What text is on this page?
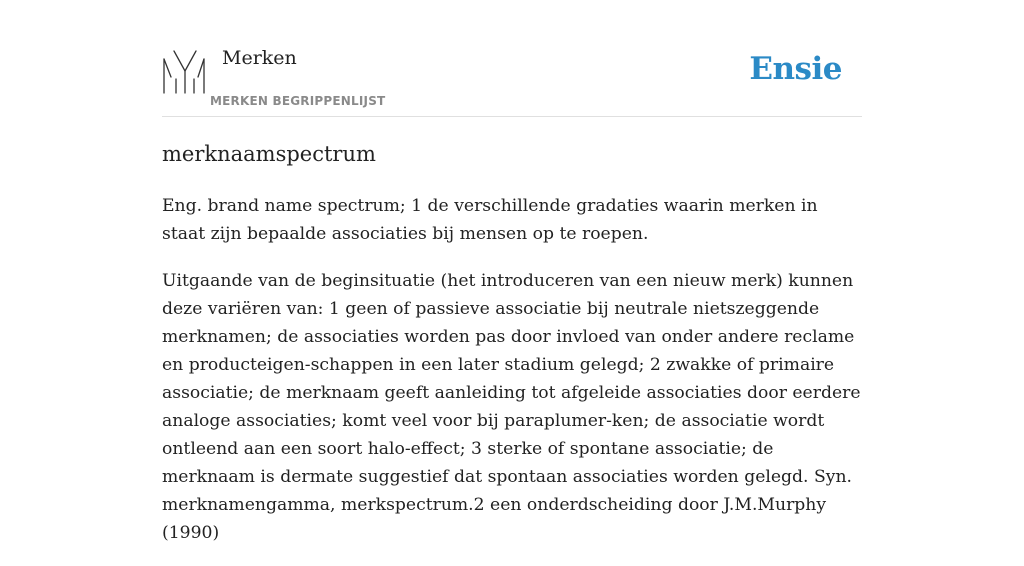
Merken
MERKEN BEGRIPPENLIJST
Ensie
merknaamspectrum

Eng. brand name spectrum; 1 de verschillende gradaties waarin merken in staat zijn bepaalde associaties bij mensen op te roepen.

Uitgaande van de beginsituatie (het introduceren van een nieuw merk) kunnen deze variëren van: 1 geen of passieve associatie bij neutrale nietszeggende merknamen; de associaties worden pas door invloed van onder andere reclame en producteigen-schappen in een later stadium gelegd; 2 zwakke of primaire associatie; de merknaam geeft aanleiding tot afgeleide associaties door eerdere analoge associaties; komt veel voor bij paraplumer-ken; de associatie wordt ontleend aan een soort halo-effect; 3 sterke of spontane associatie; de merknaam is dermate suggestief dat spontaan associaties worden gelegd. Syn. merknamengamma, merkspectrum.2 een onderdscheiding door J.M.Murphy (1990)
